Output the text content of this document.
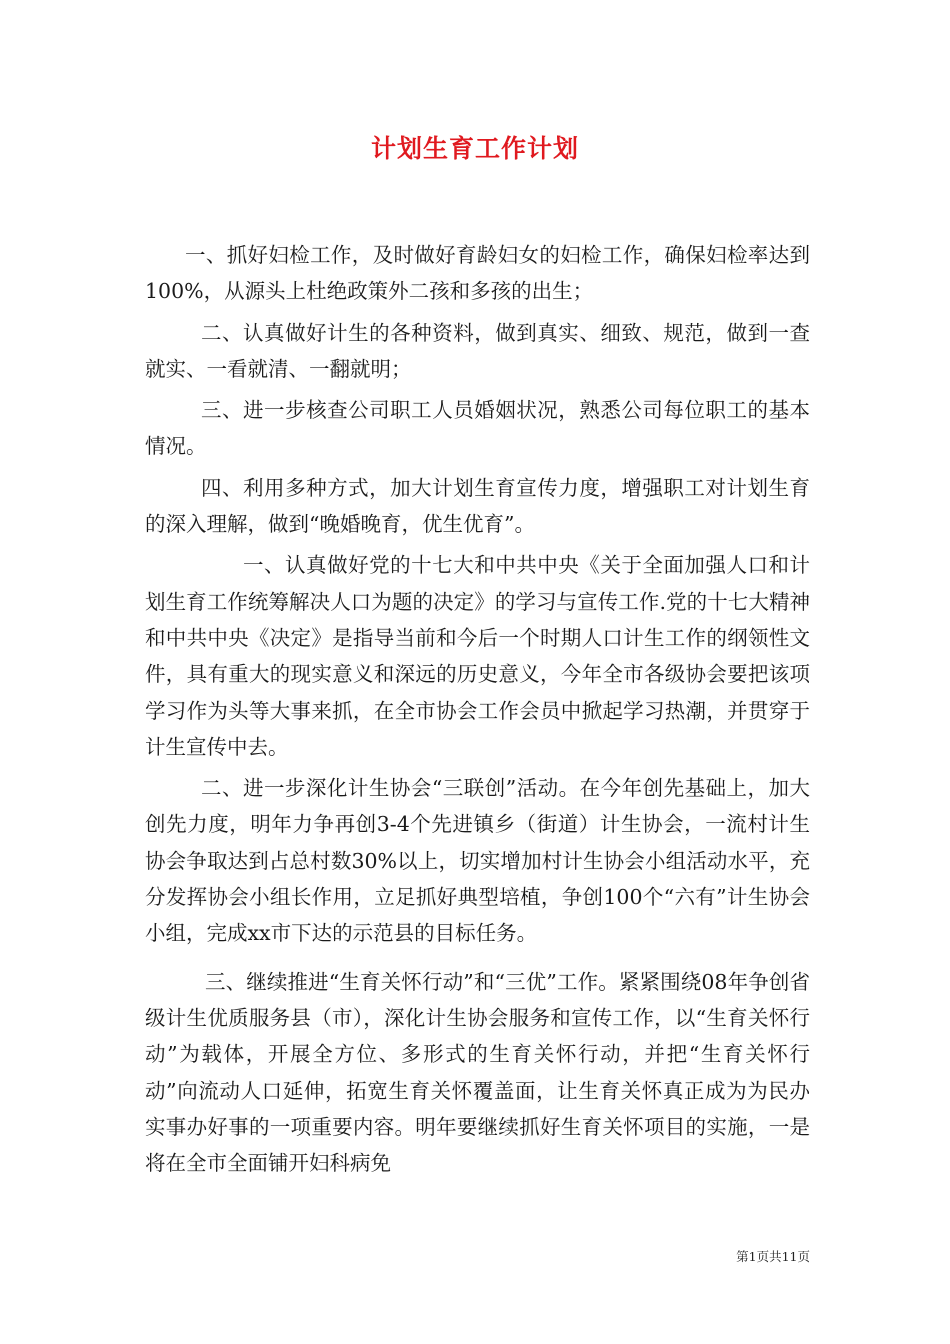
计划生育工作计划

一、抓好妇检工作，及时做好育龄妇女的妇检工作，确保妇检率达到100%，从源头上杜绝政策外二孩和多孩的出生；

二、认真做好计生的各种资料，做到真实、细致、规范，做到一查就实、一看就清、一翻就明；

三、进一步核查公司职工人员婚姻状况，熟悉公司每位职工的基本情况。

四、利用多种方式，加大计划生育宣传力度，增强职工对计划生育的深入理解，做到“晚婚晚育，优生优育”。

一、认真做好党的十七大和中共中央《关于全面加强人口和计划生育工作统筹解决人口为题的决定》的学习与宣传工作.党的十七大精神和中共中央《决定》是指导当前和今后一个时期人口计生工作的纲领性文件，具有重大的现实意义和深远的历史意义，今年全市各级协会要把该项学习作为头等大事来抓，在全市协会工作会员中掀起学习热潮，并贯穿于计生宣传中去。

二、进一步深化计生协会“三联创”活动。在今年创先基础上，加大创先力度，明年力争再创3-4个先进镇乡（街道）计生协会，一流村计生协会争取达到占总村数30%以上，切实增加村计生协会小组活动水平，充分发挥协会小组长作用，立足抓好典型培植，争创100个“六有”计生协会小组，完成xx市下达的示范县的目标任务。

三、继续推进“生育关怀行动”和“三优”工作。紧紧围绕08年争创省级计生优质服务县（市），深化计生协会服务和宣传工作，以“生育关怀行动”为载体，开展全方位、多形式的生育关怀行动，并把“生育关怀行动”向流动人口延伸，拓宽生育关怀覆盖面，让生育关怀真正成为为民办实事办好事的一项重要内容。明年要继续抓好生育关怀项目的实施，一是将在全市全面铺开妇科病免

第1页共11页
